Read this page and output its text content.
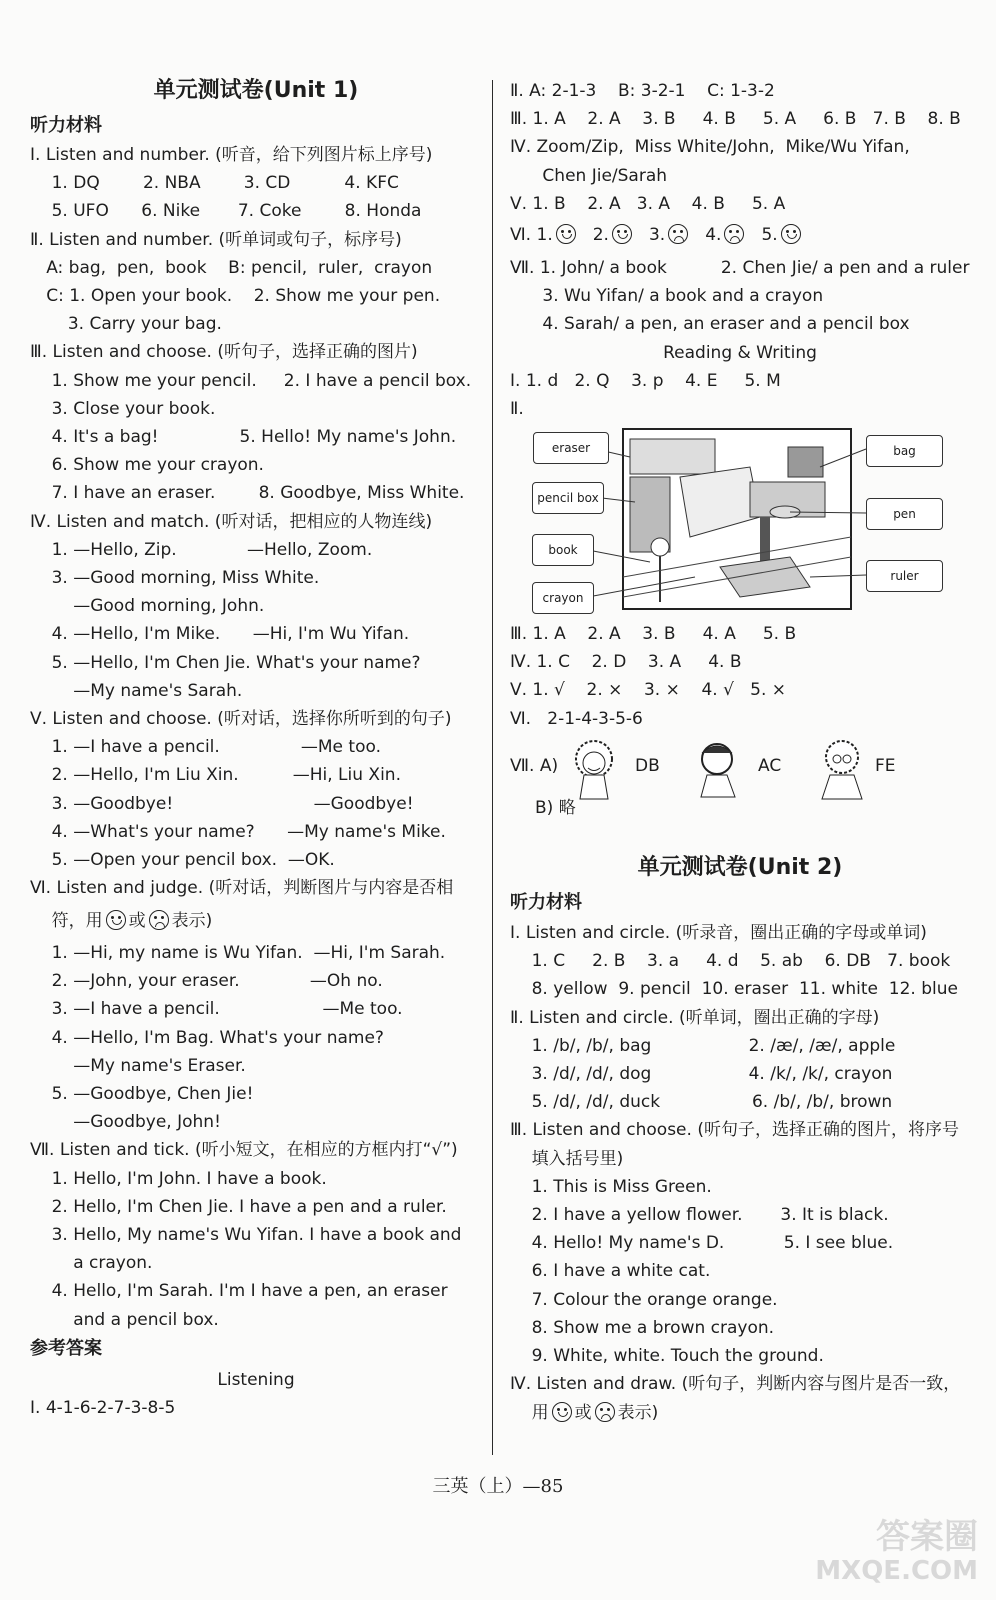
单元测试卷(Unit 1)
听力材料
Ⅰ. Listen and number. (听音，给下列图片标上序号)
1. DQ        2. NBA        3. CD          4. KFC
5. UFO      6. Nike       7. Coke        8. Honda
Ⅱ. Listen and number. (听单词或句子，标序号)
A: bag,  pen,  book    B: pencil,  ruler,  crayon
C: 1. Open your book.    2. Show me your pen.
3. Carry your bag.
Ⅲ. Listen and choose. (听句子，选择正确的图片)
1. Show me your pencil.     2. I have a pencil box.
3. Close your book.
4. It's a bag!               5. Hello! My name's John.
6. Show me your crayon.
7. I have an eraser.        8. Goodbye, Miss White.
Ⅳ. Listen and match. (听对话，把相应的人物连线)
1. —Hello, Zip.             —Hello, Zoom.
3. —Good morning, Miss White.
—Good morning, John.
4. —Hello, I'm Mike.      —Hi, I'm Wu Yifan.
5. —Hello, I'm Chen Jie. What's your name?
—My name's Sarah.
Ⅴ. Listen and choose. (听对话，选择你所听到的句子)
1. —I have a pencil.               —Me too.
2. —Hello, I'm Liu Xin.          —Hi, Liu Xin.
3. —Goodbye!                          —Goodbye!
4. —What's your name?      —My name's Mike.
5. —Open your pencil box.  —OK.
Ⅵ. Listen and judge. (听对话，判断图片与内容是否相
符，用 或 表示)
1. —Hi, my name is Wu Yifan.  —Hi, I'm Sarah.
2. —John, your eraser.             —Oh no.
3. —I have a pencil.                   —Me too.
4. —Hello, I'm Bag. What's your name?
—My name's Eraser.
5. —Goodbye, Chen Jie!
—Goodbye, John!
Ⅶ. Listen and tick. (听小短文，在相应的方框内打“√”)
1. Hello, I'm John. I have a book.
2. Hello, I'm Chen Jie. I have a pen and a ruler.
3. Hello, My name's Wu Yifan. I have a book and
a crayon.
4. Hello, I'm Sarah. I'm I have a pen, an eraser
and a pencil box.
参考答案
Listening
Ⅰ. 4-1-6-2-7-3-8-5
Ⅱ. A: 2-1-3    B: 3-2-1    C: 1-3-2
Ⅲ. 1. A    2. A    3. B     4. B     5. A     6. B   7. B    8. B
Ⅳ. Zoom/Zip,  Miss White/John,  Mike/Wu Yifan,
Chen Jie/Sarah
Ⅴ. 1. B    2. A   3. A    4. B     5. A
Ⅵ. 1. 2. 3. 4. 5.
Ⅶ. 1. John/ a book          2. Chen Jie/ a pen and a ruler
3. Wu Yifan/ a book and a crayon
4. Sarah/ a pen, an eraser and a pencil box
Reading & Writing
Ⅰ. 1. d   2. Q    3. p    4. E     5. M
Ⅱ.
eraser
pencil box
book
crayon
bag
pen
ruler
Ⅲ. 1. A    2. A    3. B     4. A     5. B
Ⅳ. 1. C    2. D    3. A     4. B
Ⅴ. 1. √    2. ×    3. ×    4. √   5. ×
Ⅵ.   2-1-4-3-5-6
Ⅶ. A)	DB	AC	FE
B) 略
单元测试卷(Unit 2)
听力材料
Ⅰ. Listen and circle. (听录音，圈出正确的字母或单词)
1. C     2. B    3. a     4. d    5. ab    6. DB   7. book
8. yellow  9. pencil  10. eraser  11. white  12. blue
Ⅱ. Listen and circle. (听单词，圈出正确的字母)
1. /b/, /b/, bag                  2. /æ/, /æ/, apple
3. /d/, /d/, dog                  4. /k/, /k/, crayon
5. /d/, /d/, duck                 6. /b/, /b/, brown
Ⅲ. Listen and choose. (听句子，选择正确的图片，将序号
填入括号里)
1. This is Miss Green.
2. I have a yellow flower.       3. It is black.
4. Hello! My name's D.           5. I see blue.
6. I have a white cat.
7. Colour the orange orange.
8. Show me a brown crayon.
9. White, white. Touch the ground.
Ⅳ. Listen and draw. (听句子，判断内容与图片是否一致，
用 或 表示)
三英（上）—85
答案圈
MXQE.COM
